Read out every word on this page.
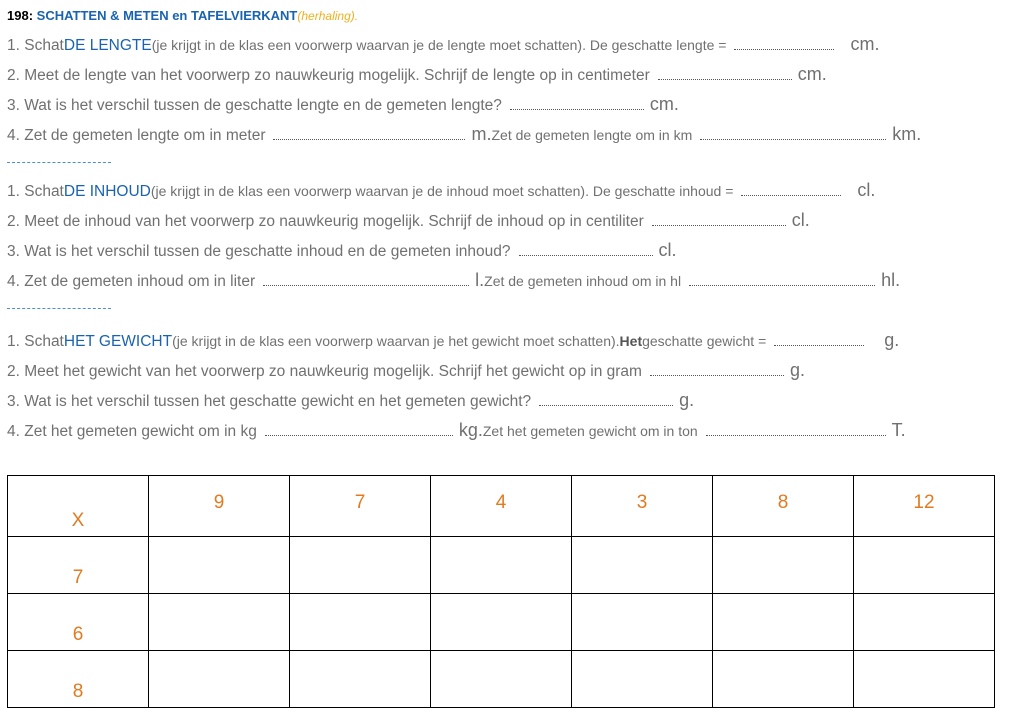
198: SCHATTEN & METEN en TAFELVIERKANT(herhaling).
1. Schat DE LENGTE (je krijgt in de klas een voorwerp waarvan je de lengte moet schatten). De geschatte lengte =	cm.
2. Meet de lengte van het voorwerp zo nauwkeurig mogelijk. Schrijf de lengte op in centimeter	cm.
3. Wat is het verschil tussen de geschatte lengte en de gemeten lengte?	cm.
4. Zet de gemeten lengte om in meter	m. Zet de gemeten lengte om in km	km.
1. Schat DE INHOUD (je krijgt in de klas een voorwerp waarvan je de inhoud moet schatten). De geschatte inhoud =	cl.
2. Meet de inhoud van het voorwerp zo nauwkeurig mogelijk. Schrijf de inhoud op in centiliter	cl.
3. Wat is het verschil tussen de geschatte inhoud en de gemeten inhoud?	cl.
4. Zet de gemeten inhoud om in liter	l. Zet de gemeten inhoud om in hl	hl.
1. Schat HET GEWICHT (je krijgt in de klas een voorwerp waarvan je het gewicht moet schatten). Het geschatte gewicht =	g.
2. Meet het gewicht van het voorwerp zo nauwkeurig mogelijk. Schrijf het gewicht op in gram	g.
3. Wat is het verschil tussen het geschatte gewicht en het gemeten gewicht?	g.
4. Zet het gemeten gewicht om in kg	kg. Zet het gemeten gewicht om in ton	T.
X	9	7	4	3	8	12
7						
6						
8						
